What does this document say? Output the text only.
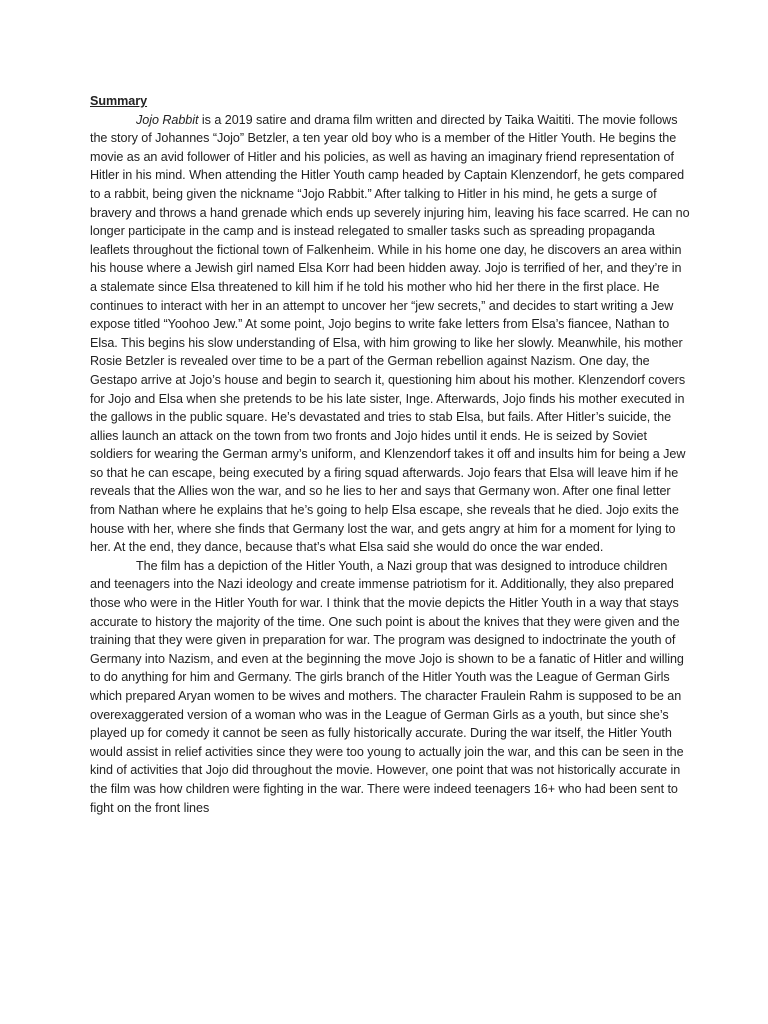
Summary

Jojo Rabbit is a 2019 satire and drama film written and directed by Taika Waititi. The movie follows the story of Johannes “Jojo” Betzler, a ten year old boy who is a member of the Hitler Youth. He begins the movie as an avid follower of Hitler and his policies, as well as having an imaginary friend representation of Hitler in his mind. When attending the Hitler Youth camp headed by Captain Klenzendorf, he gets compared to a rabbit, being given the nickname “Jojo Rabbit.” After talking to Hitler in his mind, he gets a surge of bravery and throws a hand grenade which ends up severely injuring him, leaving his face scarred. He can no longer participate in the camp and is instead relegated to smaller tasks such as spreading propaganda leaflets throughout the fictional town of Falkenheim. While in his home one day, he discovers an area within his house where a Jewish girl named Elsa Korr had been hidden away. Jojo is terrified of her, and they’re in a stalemate since Elsa threatened to kill him if he told his mother who hid her there in the first place. He continues to interact with her in an attempt to uncover her “jew secrets,” and decides to start writing a Jew expose titled “Yoohoo Jew.” At some point, Jojo begins to write fake letters from Elsa’s fiancee, Nathan to Elsa. This begins his slow understanding of Elsa, with him growing to like her slowly. Meanwhile, his mother Rosie Betzler is revealed over time to be a part of the German rebellion against Nazism. One day, the Gestapo arrive at Jojo’s house and begin to search it, questioning him about his mother. Klenzendorf covers for Jojo and Elsa when she pretends to be his late sister, Inge. Afterwards, Jojo finds his mother executed in the gallows in the public square. He’s devastated and tries to stab Elsa, but fails. After Hitler’s suicide, the allies launch an attack on the town from two fronts and Jojo hides until it ends. He is seized by Soviet soldiers for wearing the German army’s uniform, and Klenzendorf takes it off and insults him for being a Jew so that he can escape, being executed by a firing squad afterwards. Jojo fears that Elsa will leave him if he reveals that the Allies won the war, and so he lies to her and says that Germany won. After one final letter from Nathan where he explains that he’s going to help Elsa escape, she reveals that he died. Jojo exits the house with her, where she finds that Germany lost the war, and gets angry at him for a moment for lying to her. At the end, they dance, because that’s what Elsa said she would do once the war ended.

The film has a depiction of the Hitler Youth, a Nazi group that was designed to introduce children and teenagers into the Nazi ideology and create immense patriotism for it. Additionally, they also prepared those who were in the Hitler Youth for war. I think that the movie depicts the Hitler Youth in a way that stays accurate to history the majority of the time. One such point is about the knives that they were given and the training that they were given in preparation for war. The program was designed to indoctrinate the youth of Germany into Nazism, and even at the beginning the move Jojo is shown to be a fanatic of Hitler and willing to do anything for him and Germany. The girls branch of the Hitler Youth was the League of German Girls which prepared Aryan women to be wives and mothers. The character Fraulein Rahm is supposed to be an overexaggerated version of a woman who was in the League of German Girls as a youth, but since she’s played up for comedy it cannot be seen as fully historically accurate. During the war itself, the Hitler Youth would assist in relief activities since they were too young to actually join the war, and this can be seen in the kind of activities that Jojo did throughout the movie. However, one point that was not historically accurate in the film was how children were fighting in the war. There were indeed teenagers 16+ who had been sent to fight on the front lines
